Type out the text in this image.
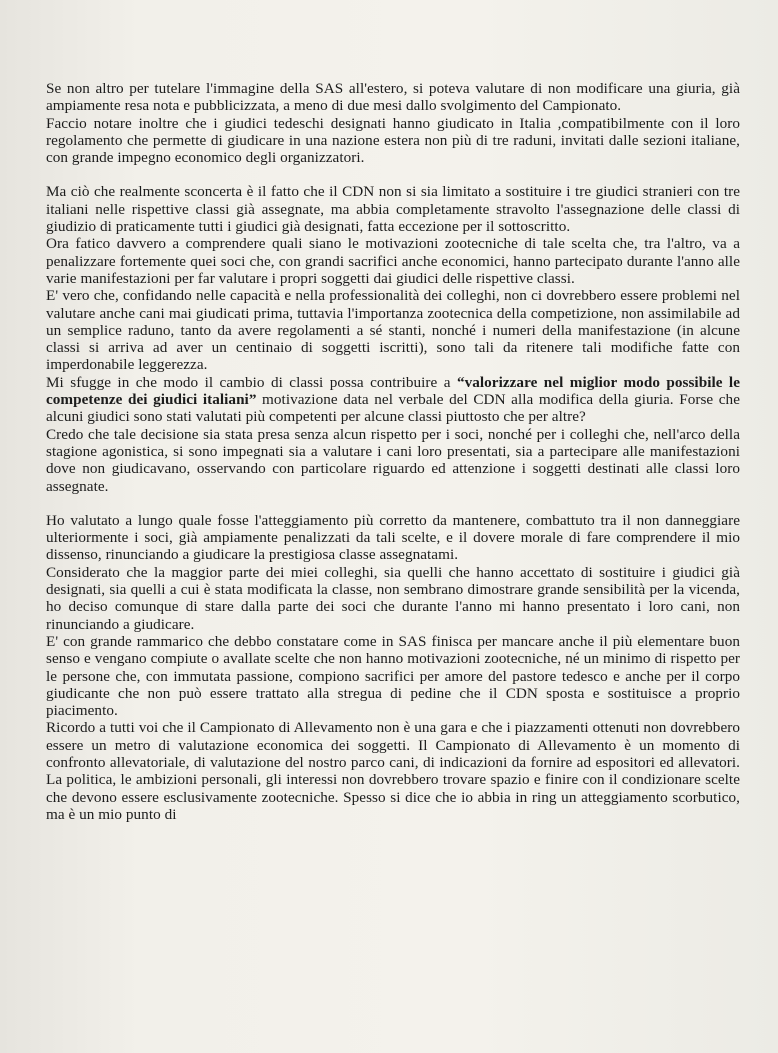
Se non altro per tutelare l'immagine della SAS all'estero, si poteva valutare di non modificare una giuria, già ampiamente resa nota e pubblicizzata, a meno di due mesi dallo svolgimento del Campionato.

Faccio notare inoltre che i giudici tedeschi designati hanno giudicato in Italia ,compatibilmente con il loro regolamento che permette di giudicare in una nazione estera non più di tre raduni, invitati dalle sezioni italiane, con grande impegno economico degli organizzatori.

Ma ciò che realmente sconcerta è il fatto che il CDN non si sia limitato a sostituire i tre giudici stranieri con tre italiani nelle rispettive classi già assegnate, ma abbia completamente stravolto l'assegnazione delle classi di giudizio di praticamente tutti i giudici già designati, fatta eccezione per il sottoscritto.

Ora fatico davvero a comprendere quali siano le motivazioni zootecniche di tale scelta che, tra l'altro, va a penalizzare fortemente quei soci che, con grandi sacrifici anche economici, hanno partecipato durante l'anno alle varie manifestazioni per far valutare i propri soggetti dai giudici delle rispettive classi.

E' vero che, confidando nelle capacità e nella professionalità dei colleghi, non ci dovrebbero essere problemi nel valutare anche cani mai giudicati prima, tuttavia l'importanza zootecnica della competizione, non assimilabile ad un semplice raduno, tanto da avere regolamenti a sé stanti, nonché i numeri della manifestazione (in alcune classi si arriva ad aver un centinaio di soggetti iscritti), sono tali da ritenere tali modifiche fatte con imperdonabile leggerezza.

Mi sfugge in che modo il cambio di classi possa contribuire a “valorizzare nel miglior modo possibile le competenze dei giudici italiani” motivazione data nel verbale del CDN alla modifica della giuria. Forse che alcuni giudici sono stati valutati più competenti per alcune classi piuttosto che per altre?

Credo che tale decisione sia stata presa senza alcun rispetto per i soci, nonché per i colleghi che, nell'arco della stagione agonistica, si sono impegnati sia a valutare i cani loro presentati, sia a partecipare alle manifestazioni dove non giudicavano, osservando con particolare riguardo ed attenzione i soggetti destinati alle classi loro assegnate.

Ho valutato a lungo quale fosse l'atteggiamento più corretto da mantenere, combattuto tra il non danneggiare ulteriormente i soci, già ampiamente penalizzati da tali scelte, e il dovere morale di fare comprendere il mio dissenso, rinunciando a giudicare la prestigiosa classe assegnatami.

Considerato che la maggior parte dei miei colleghi, sia quelli che hanno accettato di sostituire i giudici già designati, sia quelli a cui è stata modificata la classe, non sembrano dimostrare grande sensibilità per la vicenda, ho deciso comunque di stare dalla parte dei soci che durante l'anno mi hanno presentato i loro cani, non rinunciando a giudicare.

E' con grande rammarico che debbo constatare come in SAS finisca per mancare anche il più elementare buon senso e vengano compiute o avallate scelte che non hanno motivazioni zootecniche, né un minimo di rispetto per le persone che, con immutata passione, compiono sacrifici per amore del pastore tedesco e anche per il corpo giudicante che non può essere trattato alla stregua di pedine che il CDN sposta e sostituisce a proprio piacimento.

Ricordo a tutti voi che il Campionato di Allevamento non è una gara e che i piazzamenti ottenuti non dovrebbero essere un metro di valutazione economica dei soggetti. Il Campionato di Allevamento è un momento di confronto allevatoriale, di valutazione del nostro parco cani, di indicazioni da fornire ad espositori ed allevatori. La politica, le ambizioni personali, gli interessi non dovrebbero trovare spazio e finire con il condizionare scelte che devono essere esclusivamente zootecniche. Spesso si dice che io abbia in ring un atteggiamento scorbutico, ma è un mio punto di
